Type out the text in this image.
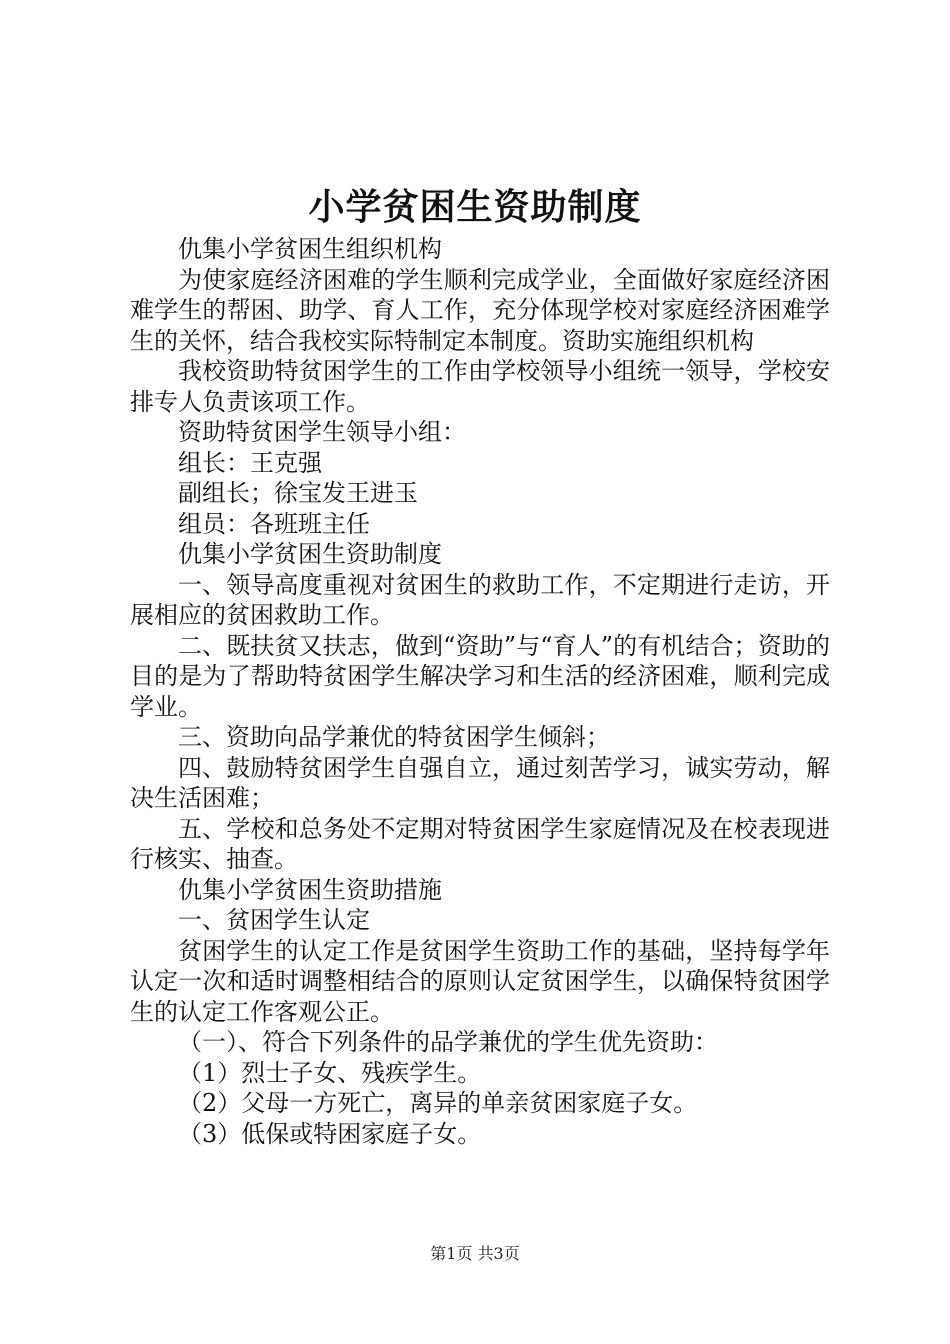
小学贫困生资助制度

仇集小学贫困生组织机构

为使家庭经济困难的学生顺利完成学业，全面做好家庭经济困难学生的帮困、助学、育人工作，充分体现学校对家庭经济困难学生的关怀，结合我校实际特制定本制度。资助实施组织机构

我校资助特贫困学生的工作由学校领导小组统一领导，学校安排专人负责该项工作。

资助特贫困学生领导小组：

组长：王克强

副组长；徐宝发王进玉

组员：各班班主任

仇集小学贫困生资助制度

一、领导高度重视对贫困生的救助工作，不定期进行走访，开展相应的贫困救助工作。

二、既扶贫又扶志，做到“资助”与“育人”的有机结合；资助的目的是为了帮助特贫困学生解决学习和生活的经济困难，顺利完成学业。

三、资助向品学兼优的特贫困学生倾斜；

四、鼓励特贫困学生自强自立，通过刻苦学习，诚实劳动，解决生活困难；

五、学校和总务处不定期对特贫困学生家庭情况及在校表现进行核实、抽查。

仇集小学贫困生资助措施

一、贫困学生认定

贫困学生的认定工作是贫困学生资助工作的基础，坚持每学年认定一次和适时调整相结合的原则认定贫困学生，以确保特贫困学生的认定工作客观公正。

（一）、符合下列条件的品学兼优的学生优先资助：

（1）烈士子女、残疾学生。

（2）父母一方死亡，离异的单亲贫困家庭子女。

（3）低保或特困家庭子女。

第1页 共3页
